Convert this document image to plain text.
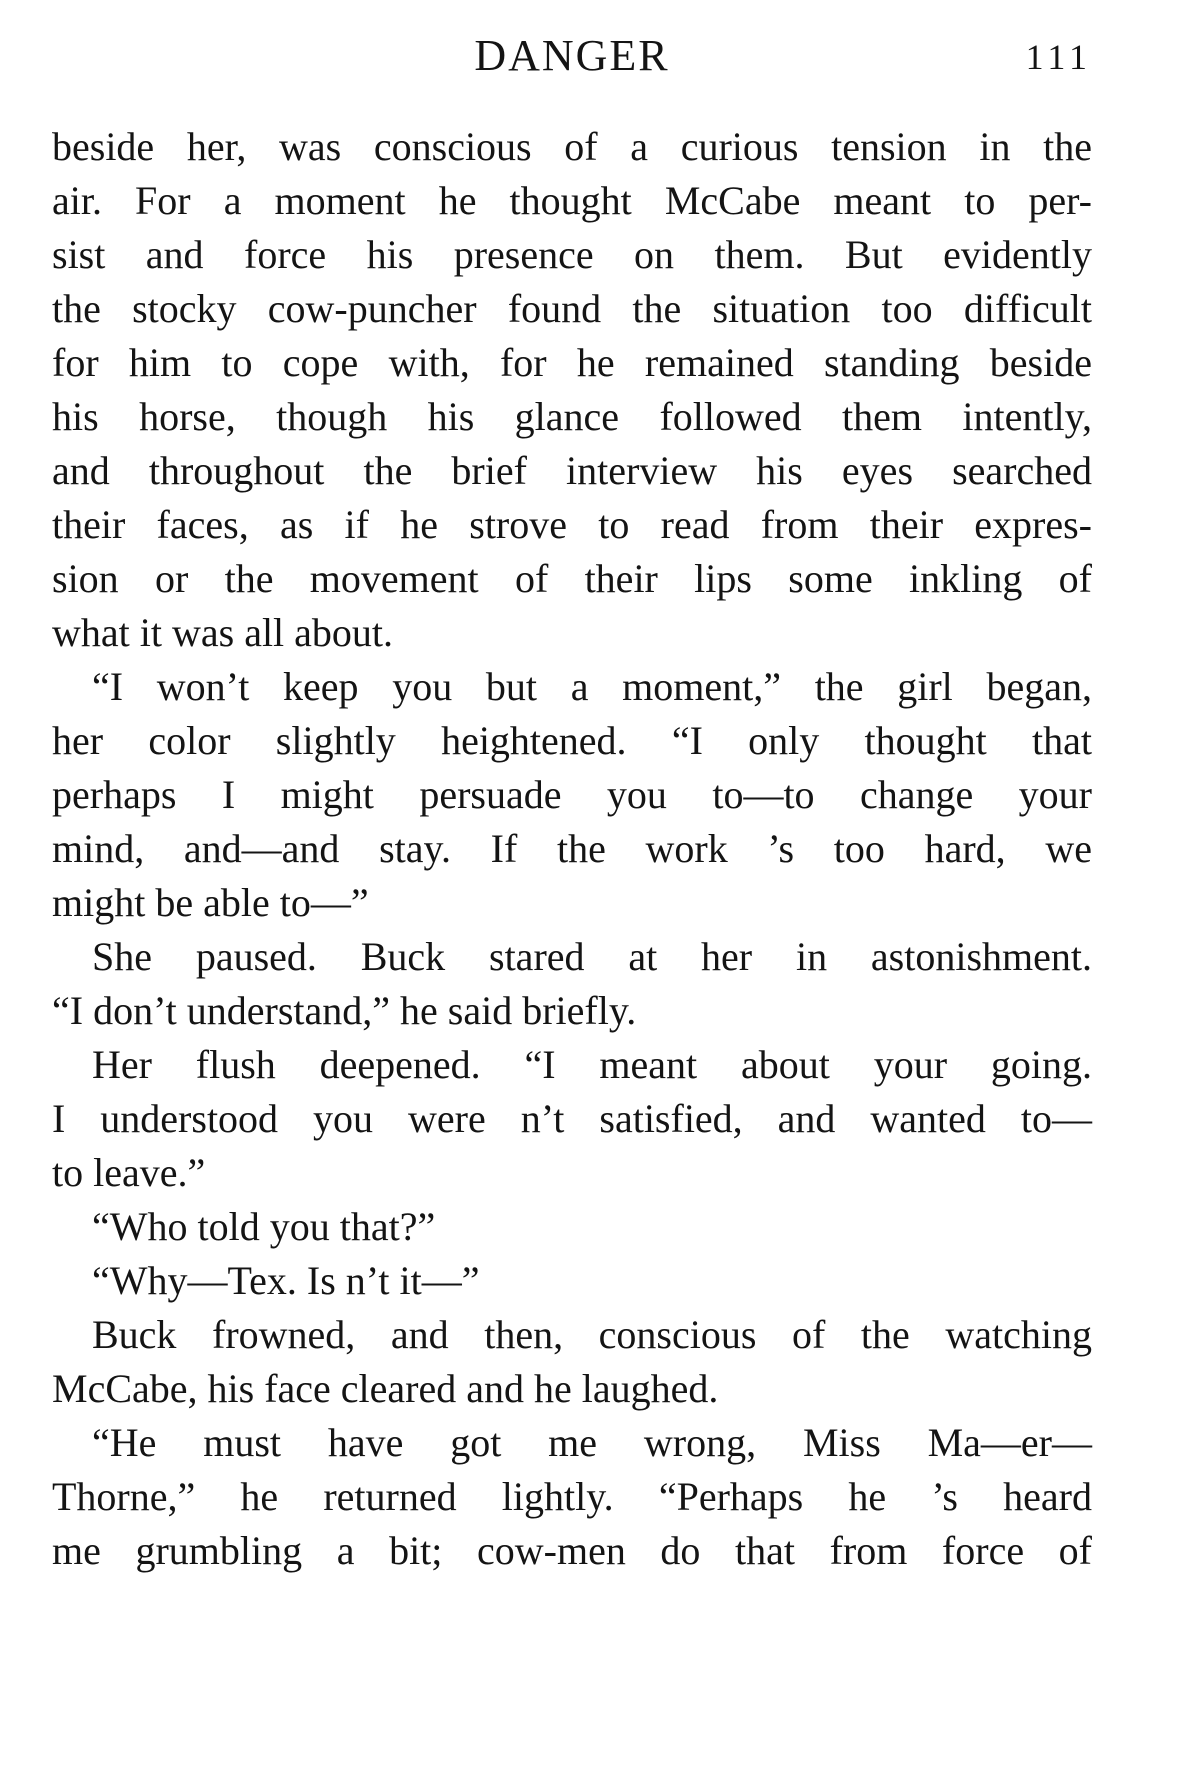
DANGER	111
beside her, was conscious of a curious tension in the
air. For a moment he thought McCabe meant to per-
sist and force his presence on them. But evidently
the stocky cow-puncher found the situation too difficult
for him to cope with, for he remained standing beside
his horse, though his glance followed them intently,
and throughout the brief interview his eyes searched
their faces, as if he strove to read from their expres-
sion or the movement of their lips some inkling of
what it was all about.
“I won’t keep you but a moment,” the girl began,
her color slightly heightened. “I only thought that
perhaps I might persuade you to—to change your
mind, and—and stay. If the work ’s too hard, we
might be able to—”
She paused. Buck stared at her in astonishment.
“I don’t understand,” he said briefly.
Her flush deepened. “I meant about your going.
I understood you were n’t satisfied, and wanted to—
to leave.”
“Who told you that?”
“Why—Tex. Is n’t it—”
Buck frowned, and then, conscious of the watching
McCabe, his face cleared and he laughed.
“He must have got me wrong, Miss Ma—er—
Thorne,” he returned lightly. “Perhaps he ’s heard
me grumbling a bit; cow-men do that from force of
